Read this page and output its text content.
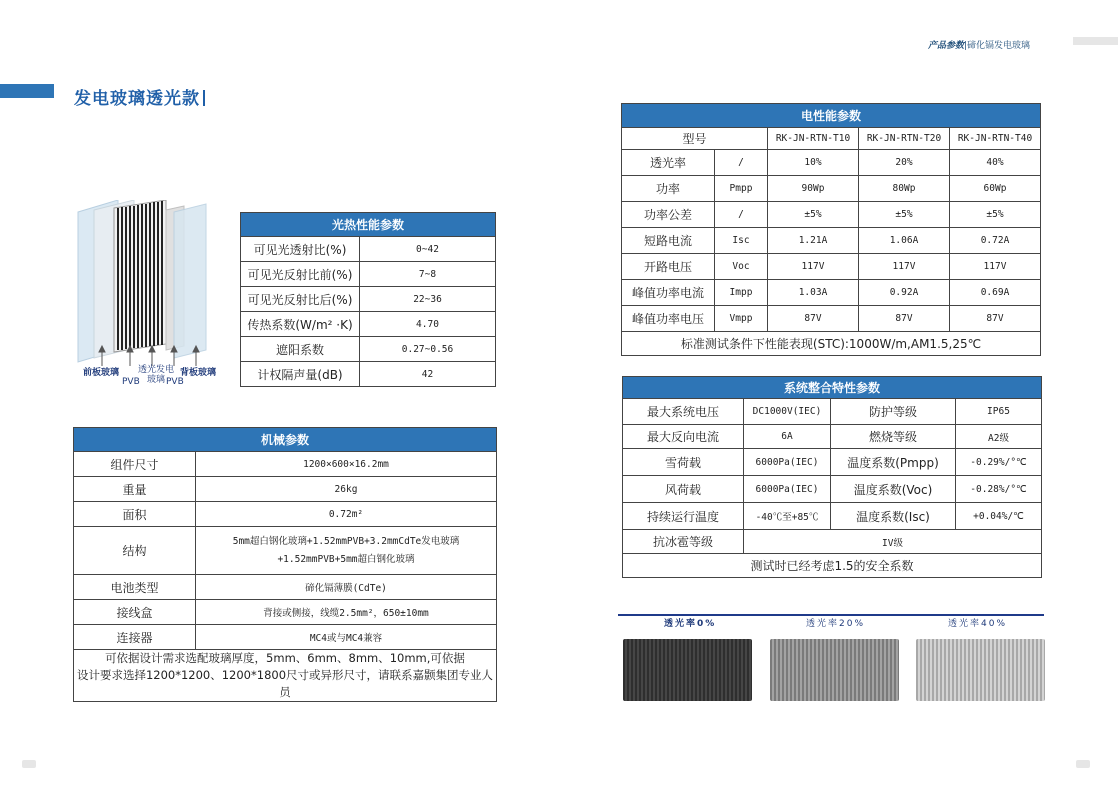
发电玻璃透光款
产品参数|碲化镉发电玻璃
前板玻璃
PVB
透光发电
玻璃 PVB
背板玻璃
光热性能参数	
可见光透射比(%)	0~42
可见光反射比前(%)	7~8
可见光反射比后(%)	22~36
传热系数(W/m² ·K)	4.70
遮阳系数	0.27~0.56
计权隔声量(dB)	42
机械参数	
组件尺寸	1200×600×16.2mm
重量	26kg
面积	0.72m²
结构	5mm超白钢化玻璃+1.52mmPVB+3.2mmCdTe发电玻璃
+1.52mmPVB+5mm超白钢化玻璃

电池类型	碲化镉薄膜(CdTe)
接线盒	背接或侧接，线缆2.5mm²，650±10mm
连接器	MC4或与MC4兼容

可依据设计需求选配玻璃厚度，5mm、6mm、8mm、10mm,可依据
设计要求选择1200*1200、1200*1800尺寸或异形尺寸，请联系嘉颢集团专业人员	
电性能参数				
型号		RK-JN-RTN-T10	RK-JN-RTN-T20	RK-JN-RTN-T40
透光率	/	10%	20%	40%
功率	Pmpp	90Wp	80Wp	60Wp
功率公差	/	±5%	±5%	±5%
短路电流	Isc	1.21A	1.06A	0.72A
开路电压	Voc	117V	117V	117V
峰值功率电流	Impp	1.03A	0.92A	0.69A
峰值功率电压	Vmpp	87V	87V	87V
标准测试条件下性能表现(STC):1000W/m,AM1.5,25℃				
系统整合特性参数			
最大系统电压	DC1000V(IEC)	防护等级	IP65
最大反向电流	6A	燃烧等级	A2级
雪荷载	6000Pa(IEC)	温度系数(Pmpp)	-0.29%/°℃
风荷载	6000Pa(IEC)	温度系数(Voc)	-0.28%/°℃
持续运行温度	-40℃至+85℃	温度系数(Isc)	+0.04%/℃
抗冰雹等级	IV级		
测试时已经考虑1.5的安全系数			
透光率0%	透光率20%	透光率40%
